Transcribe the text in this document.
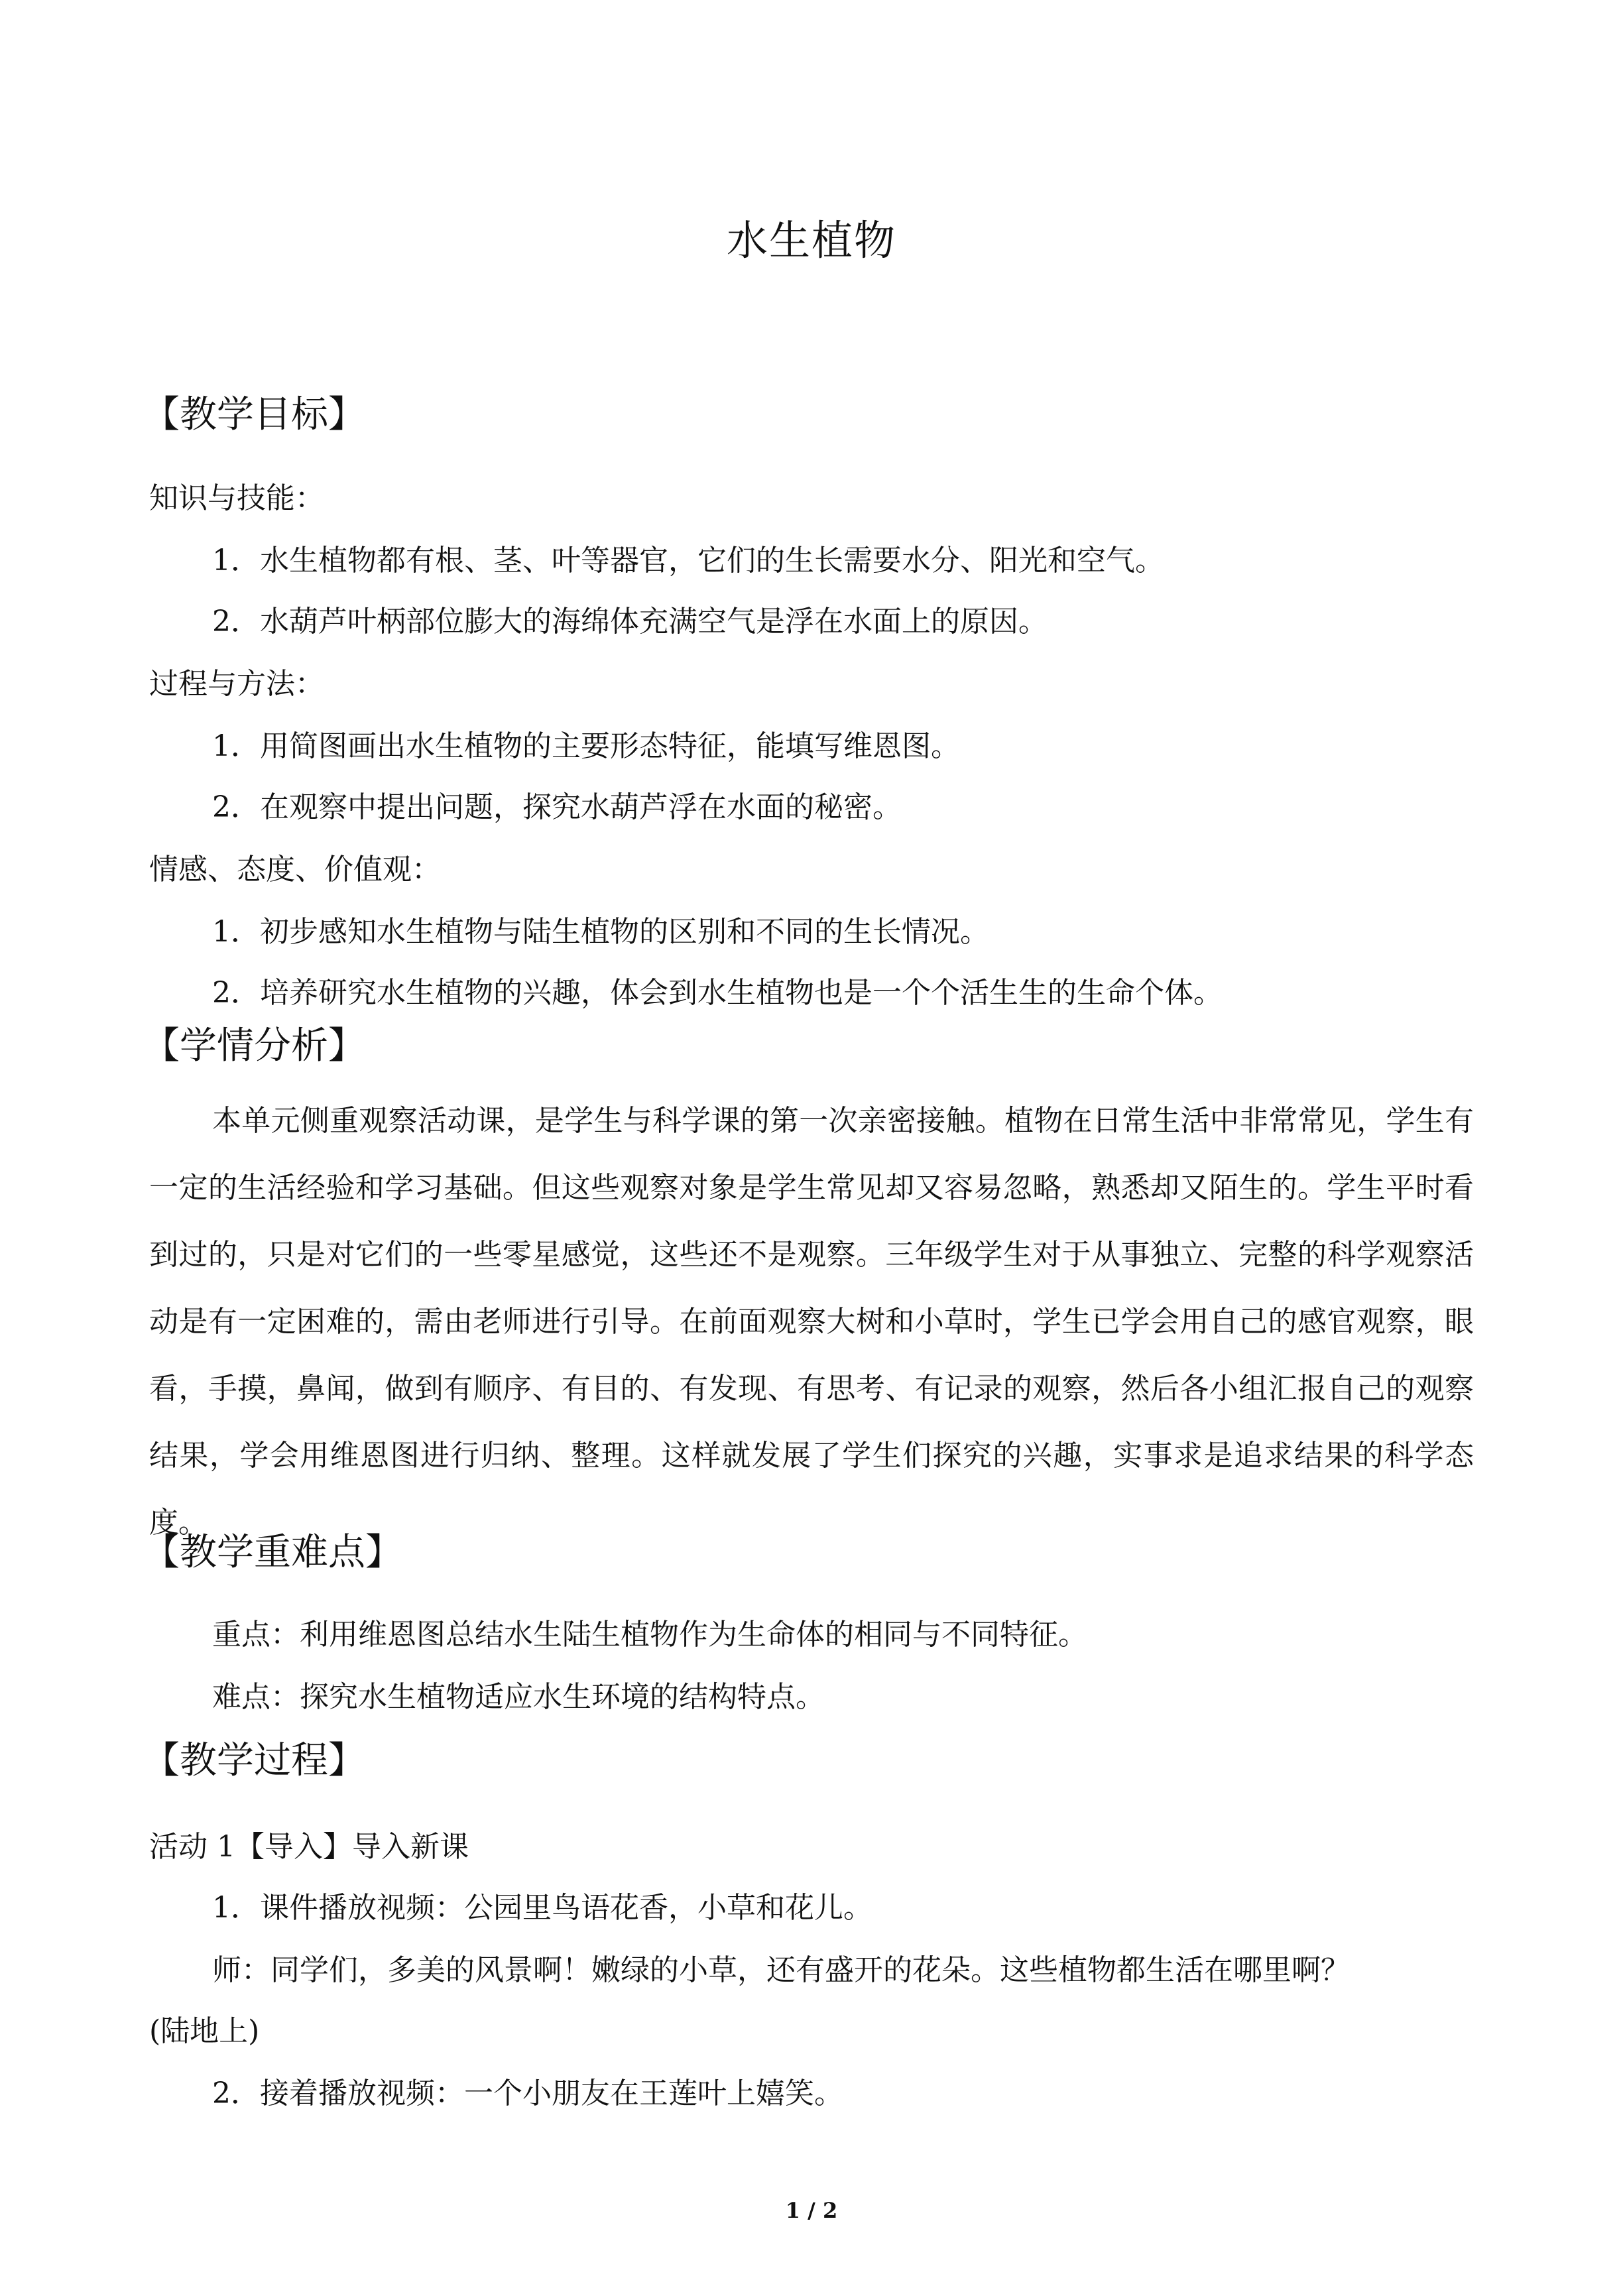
水生植物
【教学目标】
知识与技能：
1．水生植物都有根、茎、叶等器官，它们的生长需要水分、阳光和空气。
2．水葫芦叶柄部位膨大的海绵体充满空气是浮在水面上的原因。
过程与方法：
1．用简图画出水生植物的主要形态特征，能填写维恩图。
2．在观察中提出问题，探究水葫芦浮在水面的秘密。
情感、态度、价值观：
1．初步感知水生植物与陆生植物的区别和不同的生长情况。
2．培养研究水生植物的兴趣，体会到水生植物也是一个个活生生的生命个体。
【学情分析】
本单元侧重观察活动课，是学生与科学课的第一次亲密接触。植物在日常生活中非常常见，学生有一定的生活经验和学习基础。但这些观察对象是学生常见却又容易忽略，熟悉却又陌生的。学生平时看到过的，只是对它们的一些零星感觉，这些还不是观察。三年级学生对于从事独立、完整的科学观察活动是有一定困难的，需由老师进行引导。在前面观察大树和小草时，学生已学会用自己的感官观察，眼看，手摸，鼻闻，做到有顺序、有目的、有发现、有思考、有记录的观察，然后各小组汇报自己的观察结果，学会用维恩图进行归纳、整理。这样就发展了学生们探究的兴趣，实事求是追求结果的科学态度。
【教学重难点】
重点：利用维恩图总结水生陆生植物作为生命体的相同与不同特征。
难点：探究水生植物适应水生环境的结构特点。
【教学过程】
活动 1【导入】导入新课
1．课件播放视频：公园里鸟语花香，小草和花儿。
师：同学们，多美的风景啊！嫩绿的小草，还有盛开的花朵。这些植物都生活在哪里啊？
(陆地上)
2．接着播放视频：一个小朋友在王莲叶上嬉笑。
1 / 2
